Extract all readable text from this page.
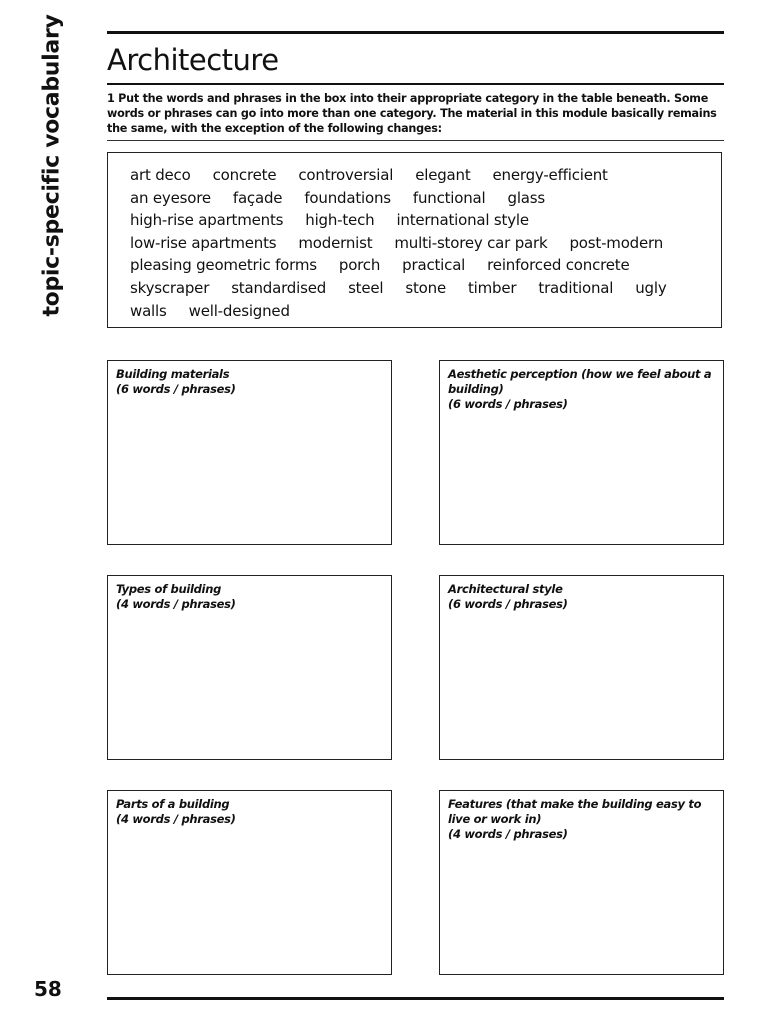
topic-specific vocabulary Architecture

1 Put the words and phrases in the box into their appropriate category in the table beneath. Some words or phrases can go into more than one category. The material in this module basically remains the same, with the exception of the following changes:

art deco concrete controversial elegant energy-efficient
an eyesore façade foundations functional glass
high-rise apartments high-tech international style
low-rise apartments modernist multi-storey car park post-modern
pleasing geometric forms porch practical reinforced concrete
skyscraper standardised steel stone timber traditional ugly
walls well-designed
Building materials
(6 words / phrases)
Aesthetic perception (how we feel about a building)
(6 words / phrases)
Types of building
(4 words / phrases)
Architectural style
(6 words / phrases)
Parts of a building
(4 words / phrases)
Features (that make the building easy to live or work in)
(4 words / phrases)
58
